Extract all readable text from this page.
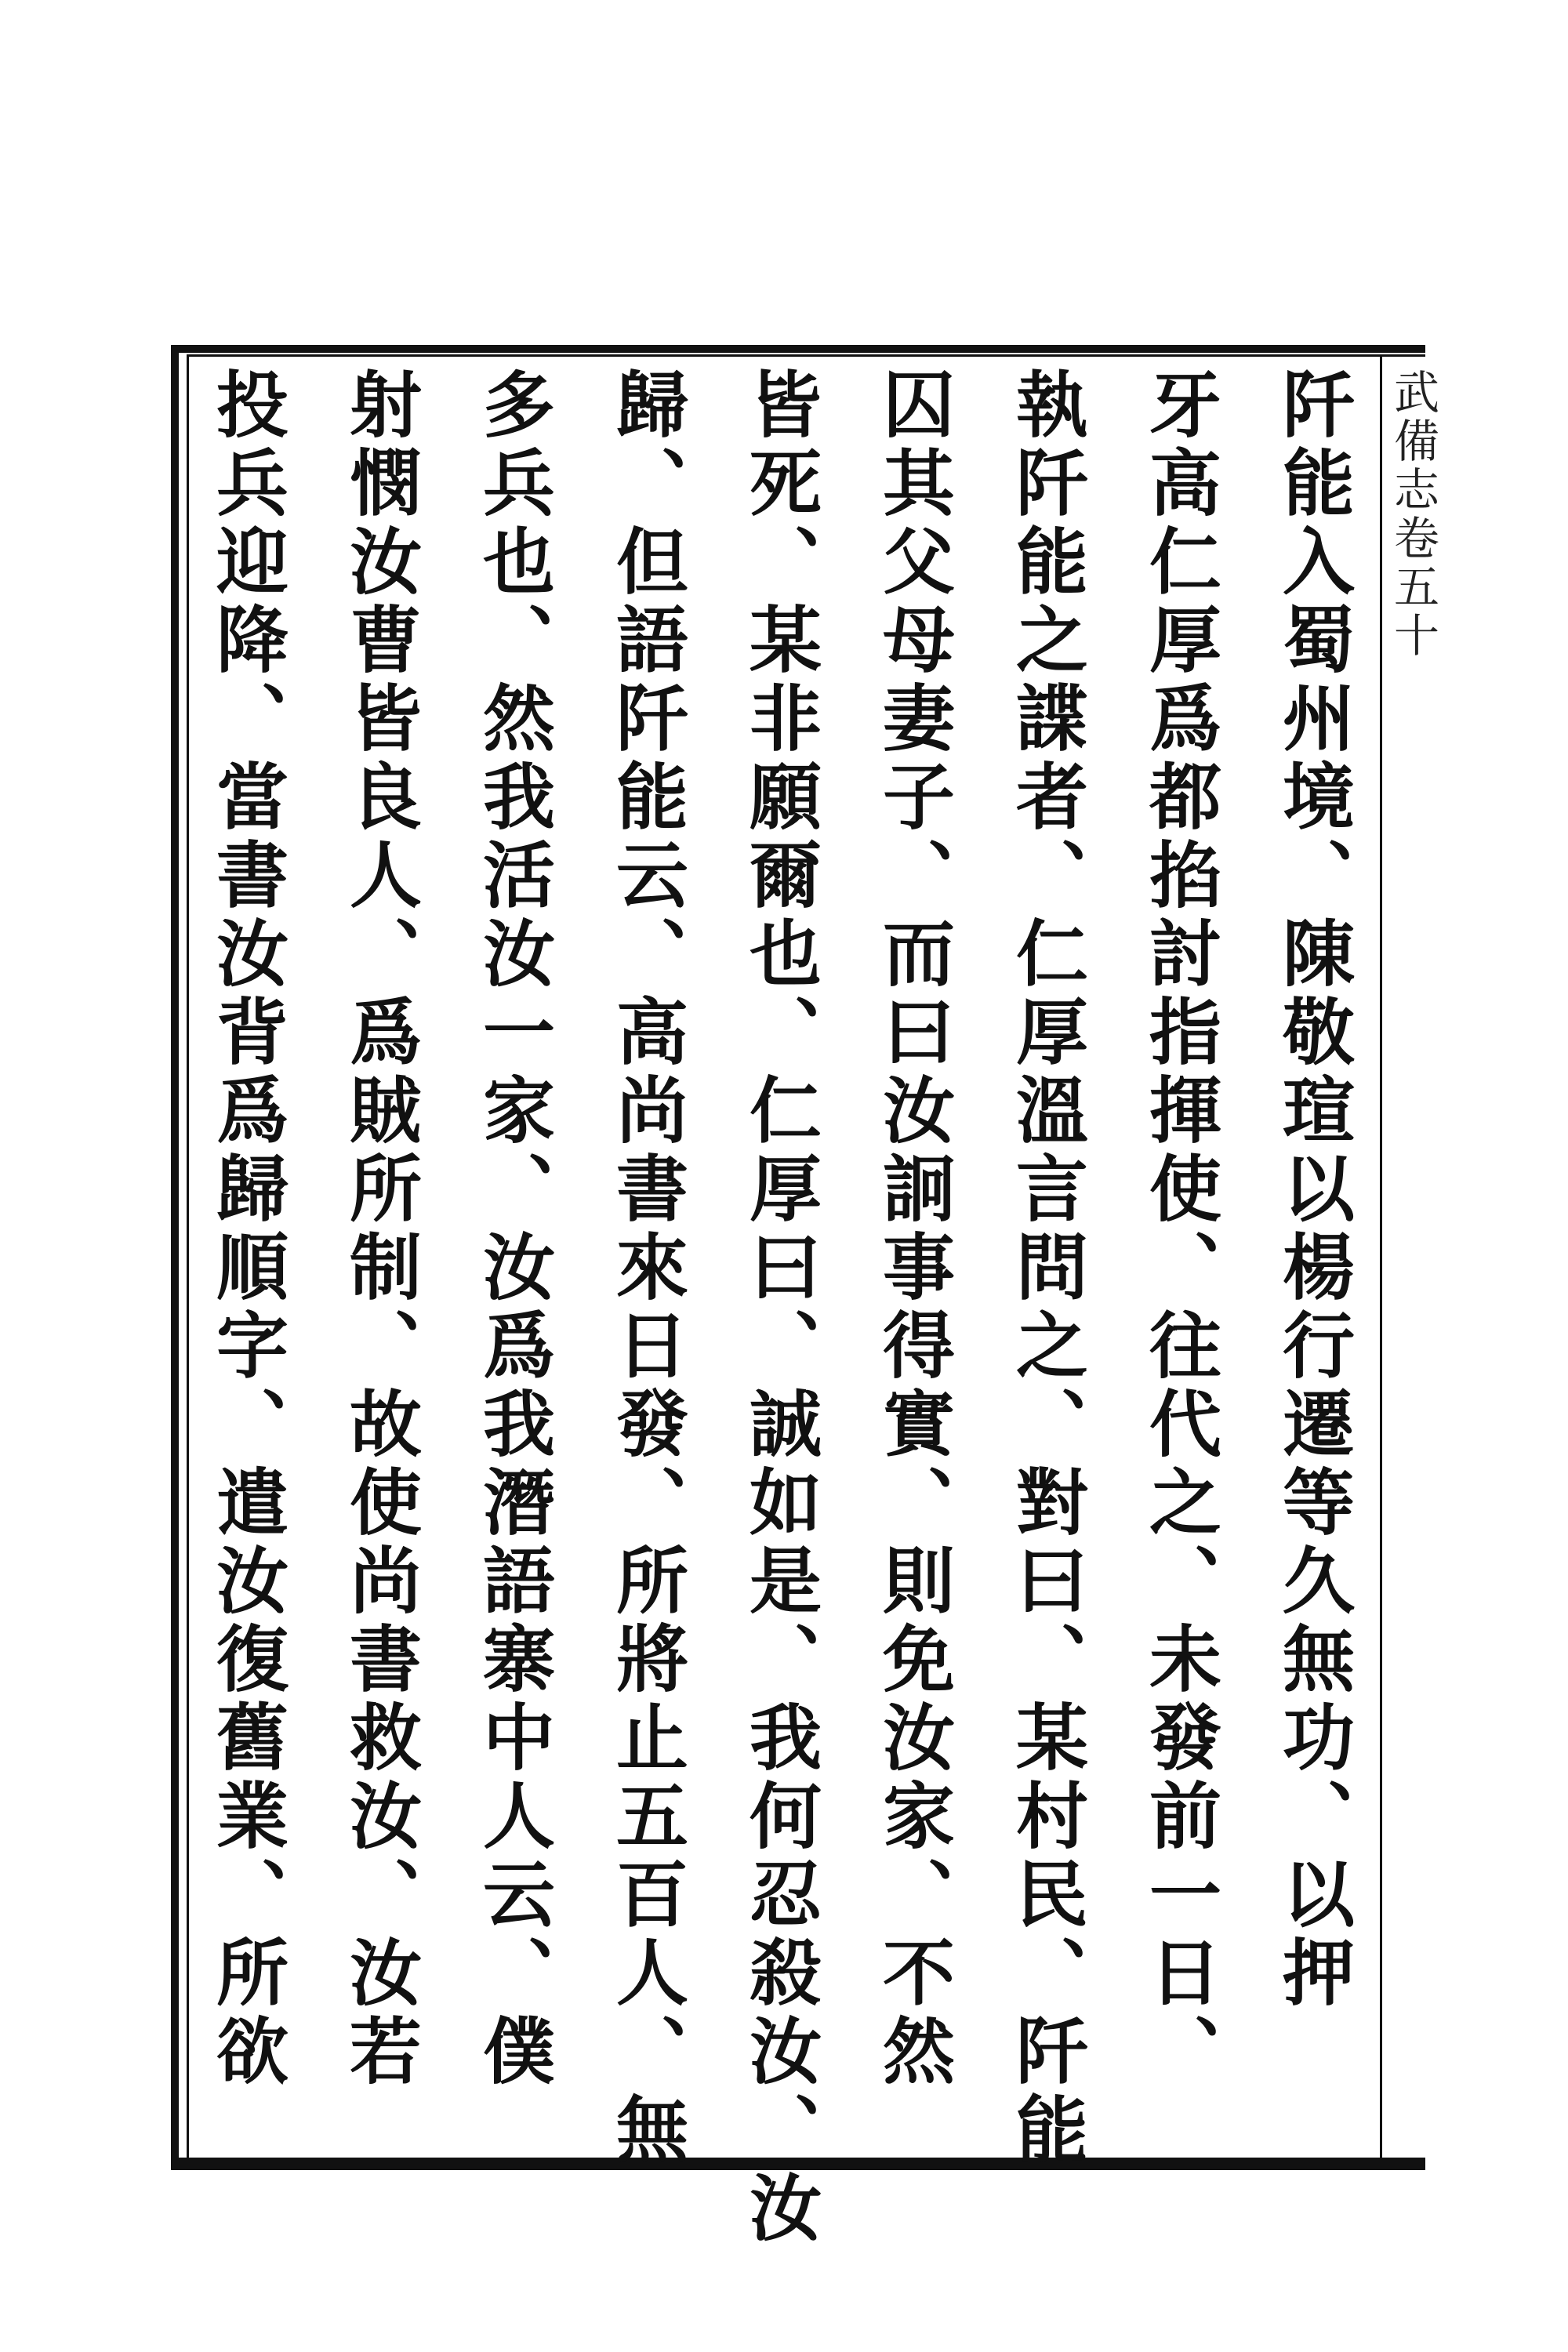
武備志卷五十
阡能入蜀州境、陳敬瑄以楊行遷等久無功、以押
牙高仁厚爲都掐討指揮使、往代之、未發前一日、
執阡能之諜者、仁厚溫言問之、對曰、某村民、阡能
囚其父母妻子、而曰汝詗事得實、則免汝家、不然
皆死、某非願爾也、仁厚曰、誠如是、我何忍殺汝、汝
歸、但語阡能云、高尚書來日發、所將止五百人、無
多兵也、然我活汝一家、汝爲我潛語寨中人云、僕
射憫汝曹皆良人、爲賊所制、故使尚書救汝、汝若
投兵迎降、當書汝背爲歸順字、遣汝復舊業、所欲
